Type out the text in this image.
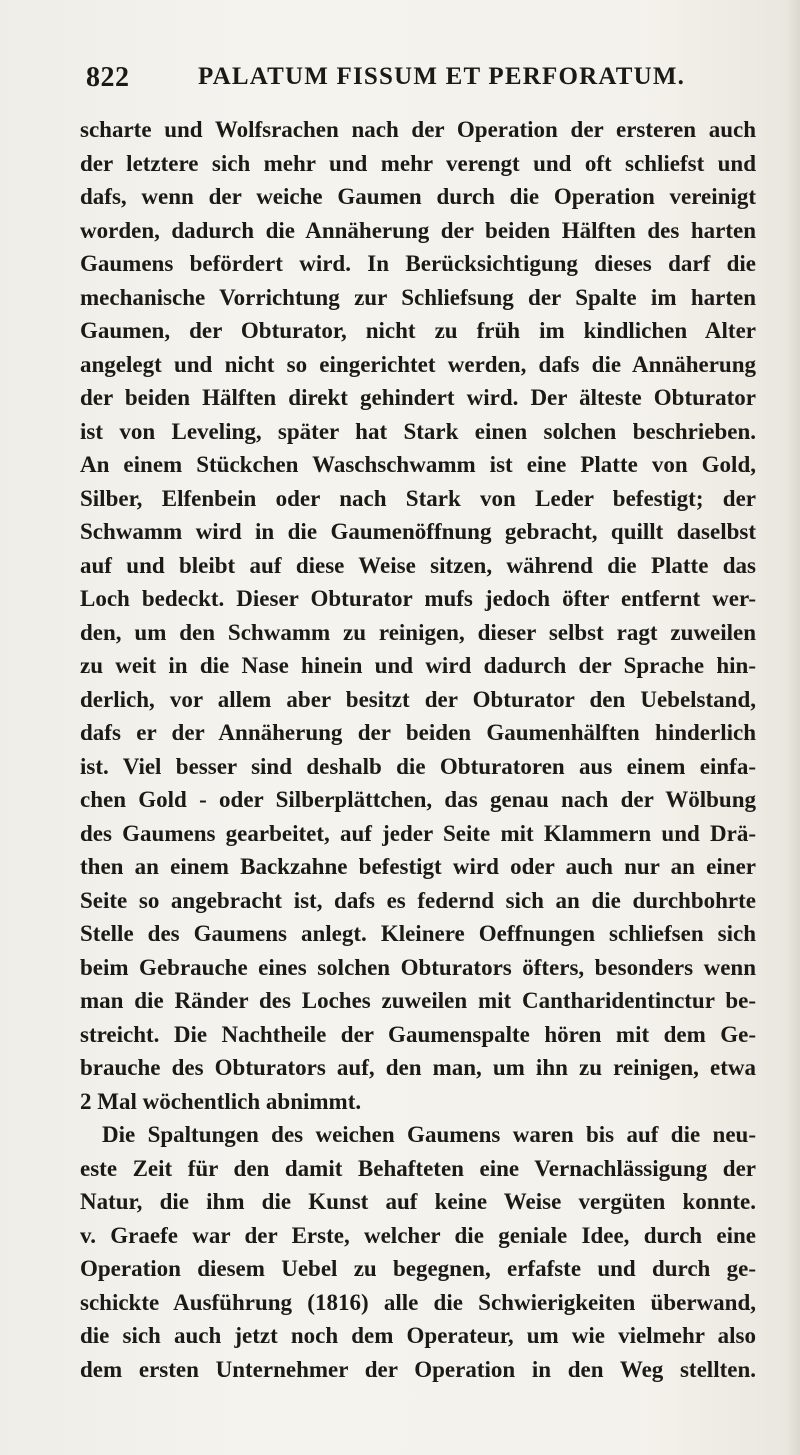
822	PALATUM FISSUM ET PERFORATUM.
scharte und Wolfsrachen nach der Operation der ersteren auch
der letztere sich mehr und mehr verengt und oft schliefst und
dafs, wenn der weiche Gaumen durch die Operation vereinigt
worden, dadurch die Annäherung der beiden Hälften des harten
Gaumens befördert wird. In Berücksichtigung dieses darf die
mechanische Vorrichtung zur Schliefsung der Spalte im harten
Gaumen, der Obturator, nicht zu früh im kindlichen Alter
angelegt und nicht so eingerichtet werden, dafs die Annäherung
der beiden Hälften direkt gehindert wird. Der älteste Obturator
ist von Leveling, später hat Stark einen solchen beschrieben.
An einem Stückchen Waschschwamm ist eine Platte von Gold,
Silber, Elfenbein oder nach Stark von Leder befestigt; der
Schwamm wird in die Gaumenöffnung gebracht, quillt daselbst
auf und bleibt auf diese Weise sitzen, während die Platte das
Loch bedeckt. Dieser Obturator mufs jedoch öfter entfernt wer-
den, um den Schwamm zu reinigen, dieser selbst ragt zuweilen
zu weit in die Nase hinein und wird dadurch der Sprache hin-
derlich, vor allem aber besitzt der Obturator den Uebelstand,
dafs er der Annäherung der beiden Gaumenhälften hinderlich
ist. Viel besser sind deshalb die Obturatoren aus einem einfa-
chen Gold - oder Silberplättchen, das genau nach der Wölbung
des Gaumens gearbeitet, auf jeder Seite mit Klammern und Drä-
then an einem Backzahne befestigt wird oder auch nur an einer
Seite so angebracht ist, dafs es federnd sich an die durchbohrte
Stelle des Gaumens anlegt. Kleinere Oeffnungen schliefsen sich
beim Gebrauche eines solchen Obturators öfters, besonders wenn
man die Ränder des Loches zuweilen mit Cantharidentinctur be-
streicht. Die Nachtheile der Gaumenspalte hören mit dem Ge-
brauche des Obturators auf, den man, um ihn zu reinigen, etwa
2 Mal wöchentlich abnimmt.
Die Spaltungen des weichen Gaumens waren bis auf die neu-
este Zeit für den damit Behafteten eine Vernachlässigung der
Natur, die ihm die Kunst auf keine Weise vergüten konnte.
v. Graefe war der Erste, welcher die geniale Idee, durch eine
Operation diesem Uebel zu begegnen, erfafste und durch ge-
schickte Ausführung (1816) alle die Schwierigkeiten überwand,
die sich auch jetzt noch dem Operateur, um wie vielmehr also
dem ersten Unternehmer der Operation in den Weg stellten.
